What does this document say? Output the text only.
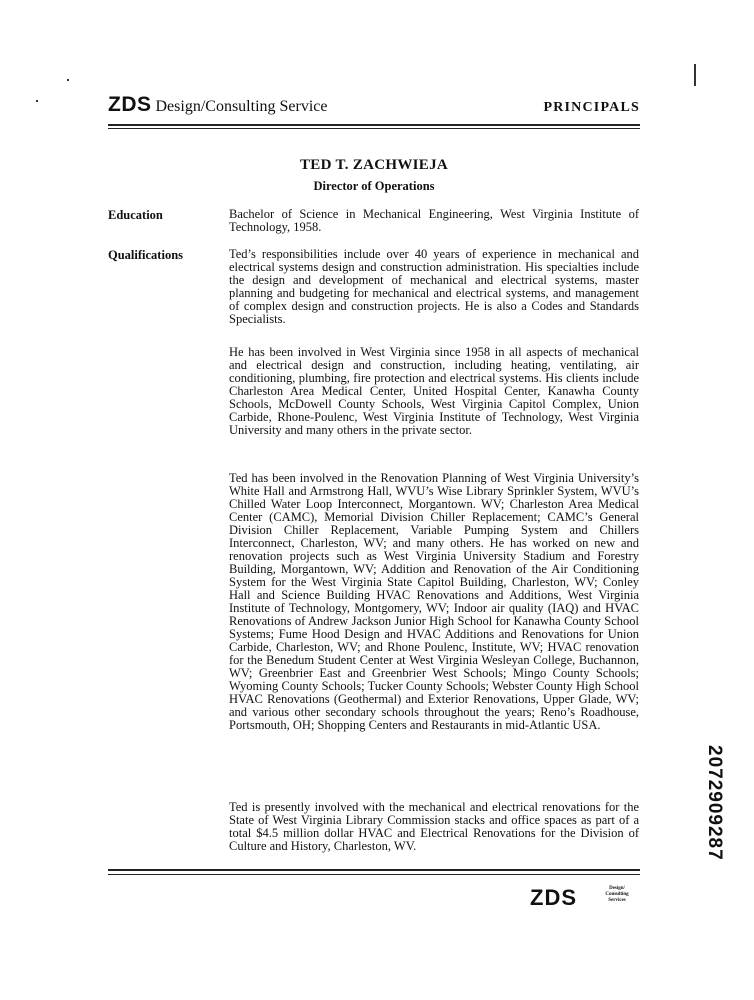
ZDS Design/Consulting Service	PRINCIPALS
TED T. ZACHWIEJA
Director of Operations
Education	Bachelor of Science in Mechanical Engineering, West Virginia Institute of Technology, 1958.
Qualifications	Ted’s responsibilities include over 40 years of experience in mechanical and electrical systems design and construction administration. His specialties include the design and development of mechanical and electrical systems, master planning and budgeting for mechanical and electrical systems, and management of complex design and construction projects. He is also a Codes and Standards Specialists.
He has been involved in West Virginia since 1958 in all aspects of mechanical and electrical design and construction, including heating, ventilating, air conditioning, plumbing, fire protection and electrical systems. His clients include Charleston Area Medical Center, United Hospital Center, Kanawha County Schools, McDowell County Schools, West Virginia Capitol Complex, Union Carbide, Rhone-Poulenc, West Virginia Institute of Technology, West Virginia University and many others in the private sector.
Ted has been involved in the Renovation Planning of West Virginia University’s White Hall and Armstrong Hall, WVU’s Wise Library Sprinkler System, WVU’s Chilled Water Loop Interconnect, Morgantown. WV; Charleston Area Medical Center (CAMC), Memorial Division Chiller Replacement; CAMC’s General Division Chiller Replacement, Variable Pumping System and Chillers Interconnect, Charleston, WV; and many others. He has worked on new and renovation projects such as West Virginia University Stadium and Forestry Building, Morgantown, WV; Addition and Renovation of the Air Conditioning System for the West Virginia State Capitol Building, Charleston, WV; Conley Hall and Science Building HVAC Renovations and Additions, West Virginia Institute of Technology, Montgomery, WV; Indoor air quality (IAQ) and HVAC Renovations of Andrew Jackson Junior High School for Kanawha County School Systems; Fume Hood Design and HVAC Additions and Renovations for Union Carbide, Charleston, WV; and Rhone Poulenc, Institute, WV; HVAC renovation for the Benedum Student Center at West Virginia Wesleyan College, Buchannon, WV; Greenbrier East and Greenbrier West Schools; Mingo County Schools; Wyoming County Schools; Tucker County Schools; Webster County High School HVAC Renovations (Geothermal) and Exterior Renovations, Upper Glade, WV; and various other secondary schools throughout the years; Reno’s Roadhouse, Portsmouth, OH; Shopping Centers and Restaurants in mid-Atlantic USA.
Ted is presently involved with the mechanical and electrical renovations for the State of West Virginia Library Commission stacks and office spaces as part of a total $4.5 million dollar HVAC and Electrical Renovations for the Division of Culture and History, Charleston, WV.
ZDS	Design/
Consulting
Services
2072909287
